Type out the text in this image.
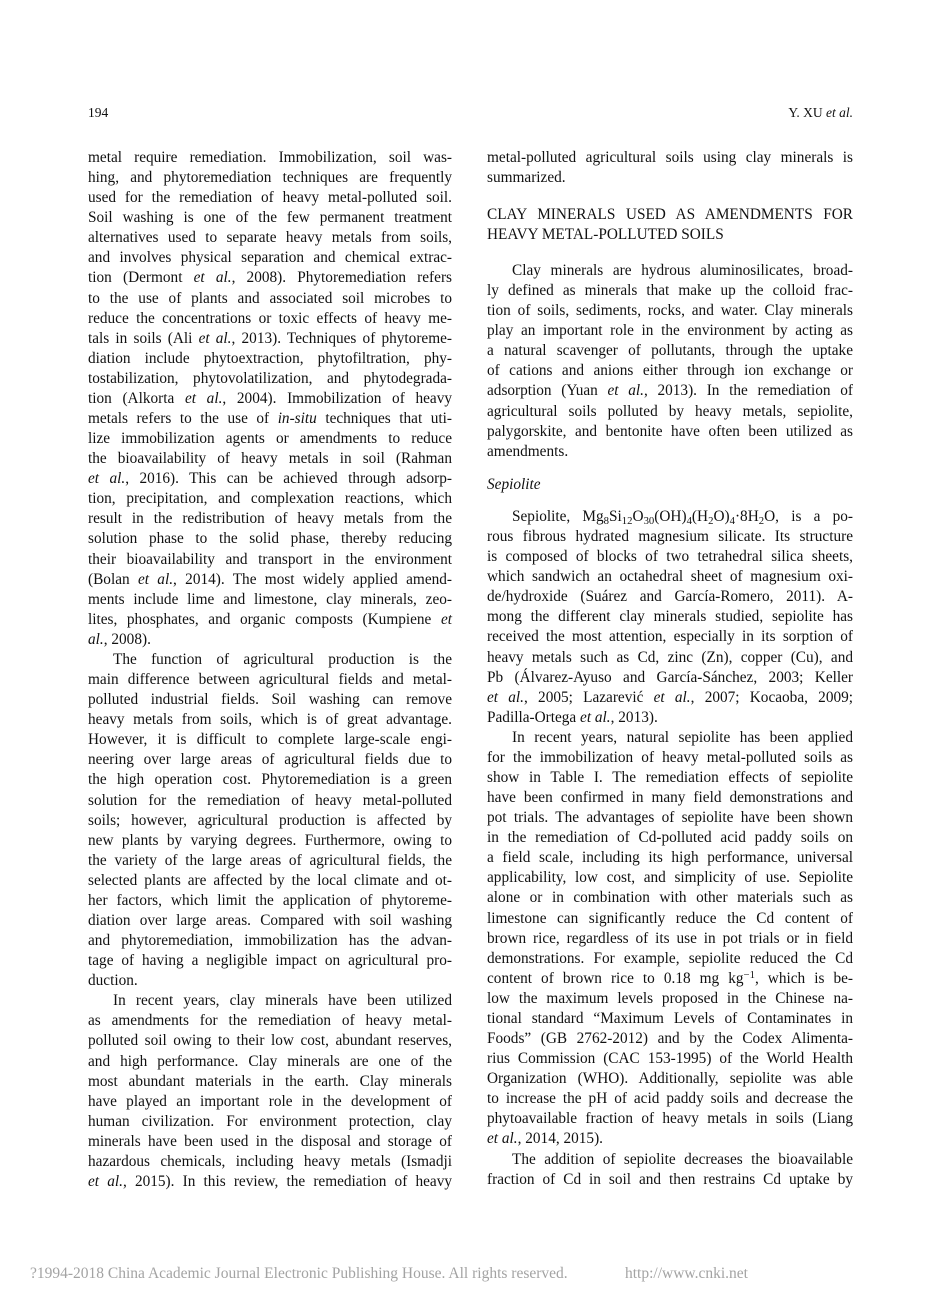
194	Y. XU et al.
metal require remediation. Immobilization, soil was-
hing, and phytoremediation techniques are frequently
used for the remediation of heavy metal-polluted soil.
Soil washing is one of the few permanent treatment
alternatives used to separate heavy metals from soils,
and involves physical separation and chemical extrac-
tion (Dermont et al., 2008). Phytoremediation refers
to the use of plants and associated soil microbes to
reduce the concentrations or toxic effects of heavy me-
tals in soils (Ali et al., 2013). Techniques of phytoreme-
diation include phytoextraction, phytofiltration, phy-
tostabilization, phytovolatilization, and phytodegrada-
tion (Alkorta et al., 2004). Immobilization of heavy
metals refers to the use of in-situ techniques that uti-
lize immobilization agents or amendments to reduce
the bioavailability of heavy metals in soil (Rahman
et al., 2016). This can be achieved through adsorp-
tion, precipitation, and complexation reactions, which
result in the redistribution of heavy metals from the
solution phase to the solid phase, thereby reducing
their bioavailability and transport in the environment
(Bolan et al., 2014). The most widely applied amend-
ments include lime and limestone, clay minerals, zeo-
lites, phosphates, and organic composts (Kumpiene et
al., 2008).
The function of agricultural production is the
main difference between agricultural fields and metal-
polluted industrial fields. Soil washing can remove
heavy metals from soils, which is of great advantage.
However, it is difficult to complete large-scale engi-
neering over large areas of agricultural fields due to
the high operation cost. Phytoremediation is a green
solution for the remediation of heavy metal-polluted
soils; however, agricultural production is affected by
new plants by varying degrees. Furthermore, owing to
the variety of the large areas of agricultural fields, the
selected plants are affected by the local climate and ot-
her factors, which limit the application of phytoreme-
diation over large areas. Compared with soil washing
and phytoremediation, immobilization has the advan-
tage of having a negligible impact on agricultural pro-
duction.
In recent years, clay minerals have been utilized
as amendments for the remediation of heavy metal-
polluted soil owing to their low cost, abundant reserves,
and high performance. Clay minerals are one of the
most abundant materials in the earth. Clay minerals
have played an important role in the development of
human civilization. For environment protection, clay
minerals have been used in the disposal and storage of
hazardous chemicals, including heavy metals (Ismadji
et al., 2015). In this review, the remediation of heavy
metal-polluted agricultural soils using clay minerals is
summarized.
CLAY MINERALS USED AS AMENDMENTS FOR
HEAVY METAL-POLLUTED SOILS
Clay minerals are hydrous aluminosilicates, broad-
ly defined as minerals that make up the colloid frac-
tion of soils, sediments, rocks, and water. Clay minerals
play an important role in the environment by acting as
a natural scavenger of pollutants, through the uptake
of cations and anions either through ion exchange or
adsorption (Yuan et al., 2013). In the remediation of
agricultural soils polluted by heavy metals, sepiolite,
palygorskite, and bentonite have often been utilized as
amendments.
Sepiolite
Sepiolite, $Mg_8Si_{12}O_{30}(OH)_4(H_2O)_4\cdot 8H_2O$, is a po-
rous fibrous hydrated magnesium silicate. Its structure
is composed of blocks of two tetrahedral silica sheets,
which sandwich an octahedral sheet of magnesium oxi-
de/hydroxide (Suárez and García-Romero, 2011). A-
mong the different clay minerals studied, sepiolite has
received the most attention, especially in its sorption of
heavy metals such as Cd, zinc (Zn), copper (Cu), and
Pb (Álvarez-Ayuso and García-Sánchez, 2003; Keller
et al., 2005; Lazarević et al., 2007; Kocaoba, 2009;
Padilla-Ortega et al., 2013).
In recent years, natural sepiolite has been applied
for the immobilization of heavy metal-polluted soils as
show in Table I. The remediation effects of sepiolite
have been confirmed in many field demonstrations and
pot trials. The advantages of sepiolite have been shown
in the remediation of Cd-polluted acid paddy soils on
a field scale, including its high performance, universal
applicability, low cost, and simplicity of use. Sepiolite
alone or in combination with other materials such as
limestone can significantly reduce the Cd content of
brown rice, regardless of its use in pot trials or in field
demonstrations. For example, sepiolite reduced the Cd
content of brown rice to 0.18 mg $kg^{-1}$, which is be-
low the maximum levels proposed in the Chinese na-
tional standard “Maximum Levels of Contaminates in
Foods” (GB 2762-2012) and by the Codex Alimenta-
rius Commission (CAC 153-1995) of the World Health
Organization (WHO). Additionally, sepiolite was able
to increase the pH of acid paddy soils and decrease the
phytoavailable fraction of heavy metals in soils (Liang
et al., 2014, 2015).
The addition of sepiolite decreases the bioavailable
fraction of Cd in soil and then restrains Cd uptake by
?1994-2018 China Academic Journal Electronic Publishing House. All rights reserved.	http://www.cnki.net
